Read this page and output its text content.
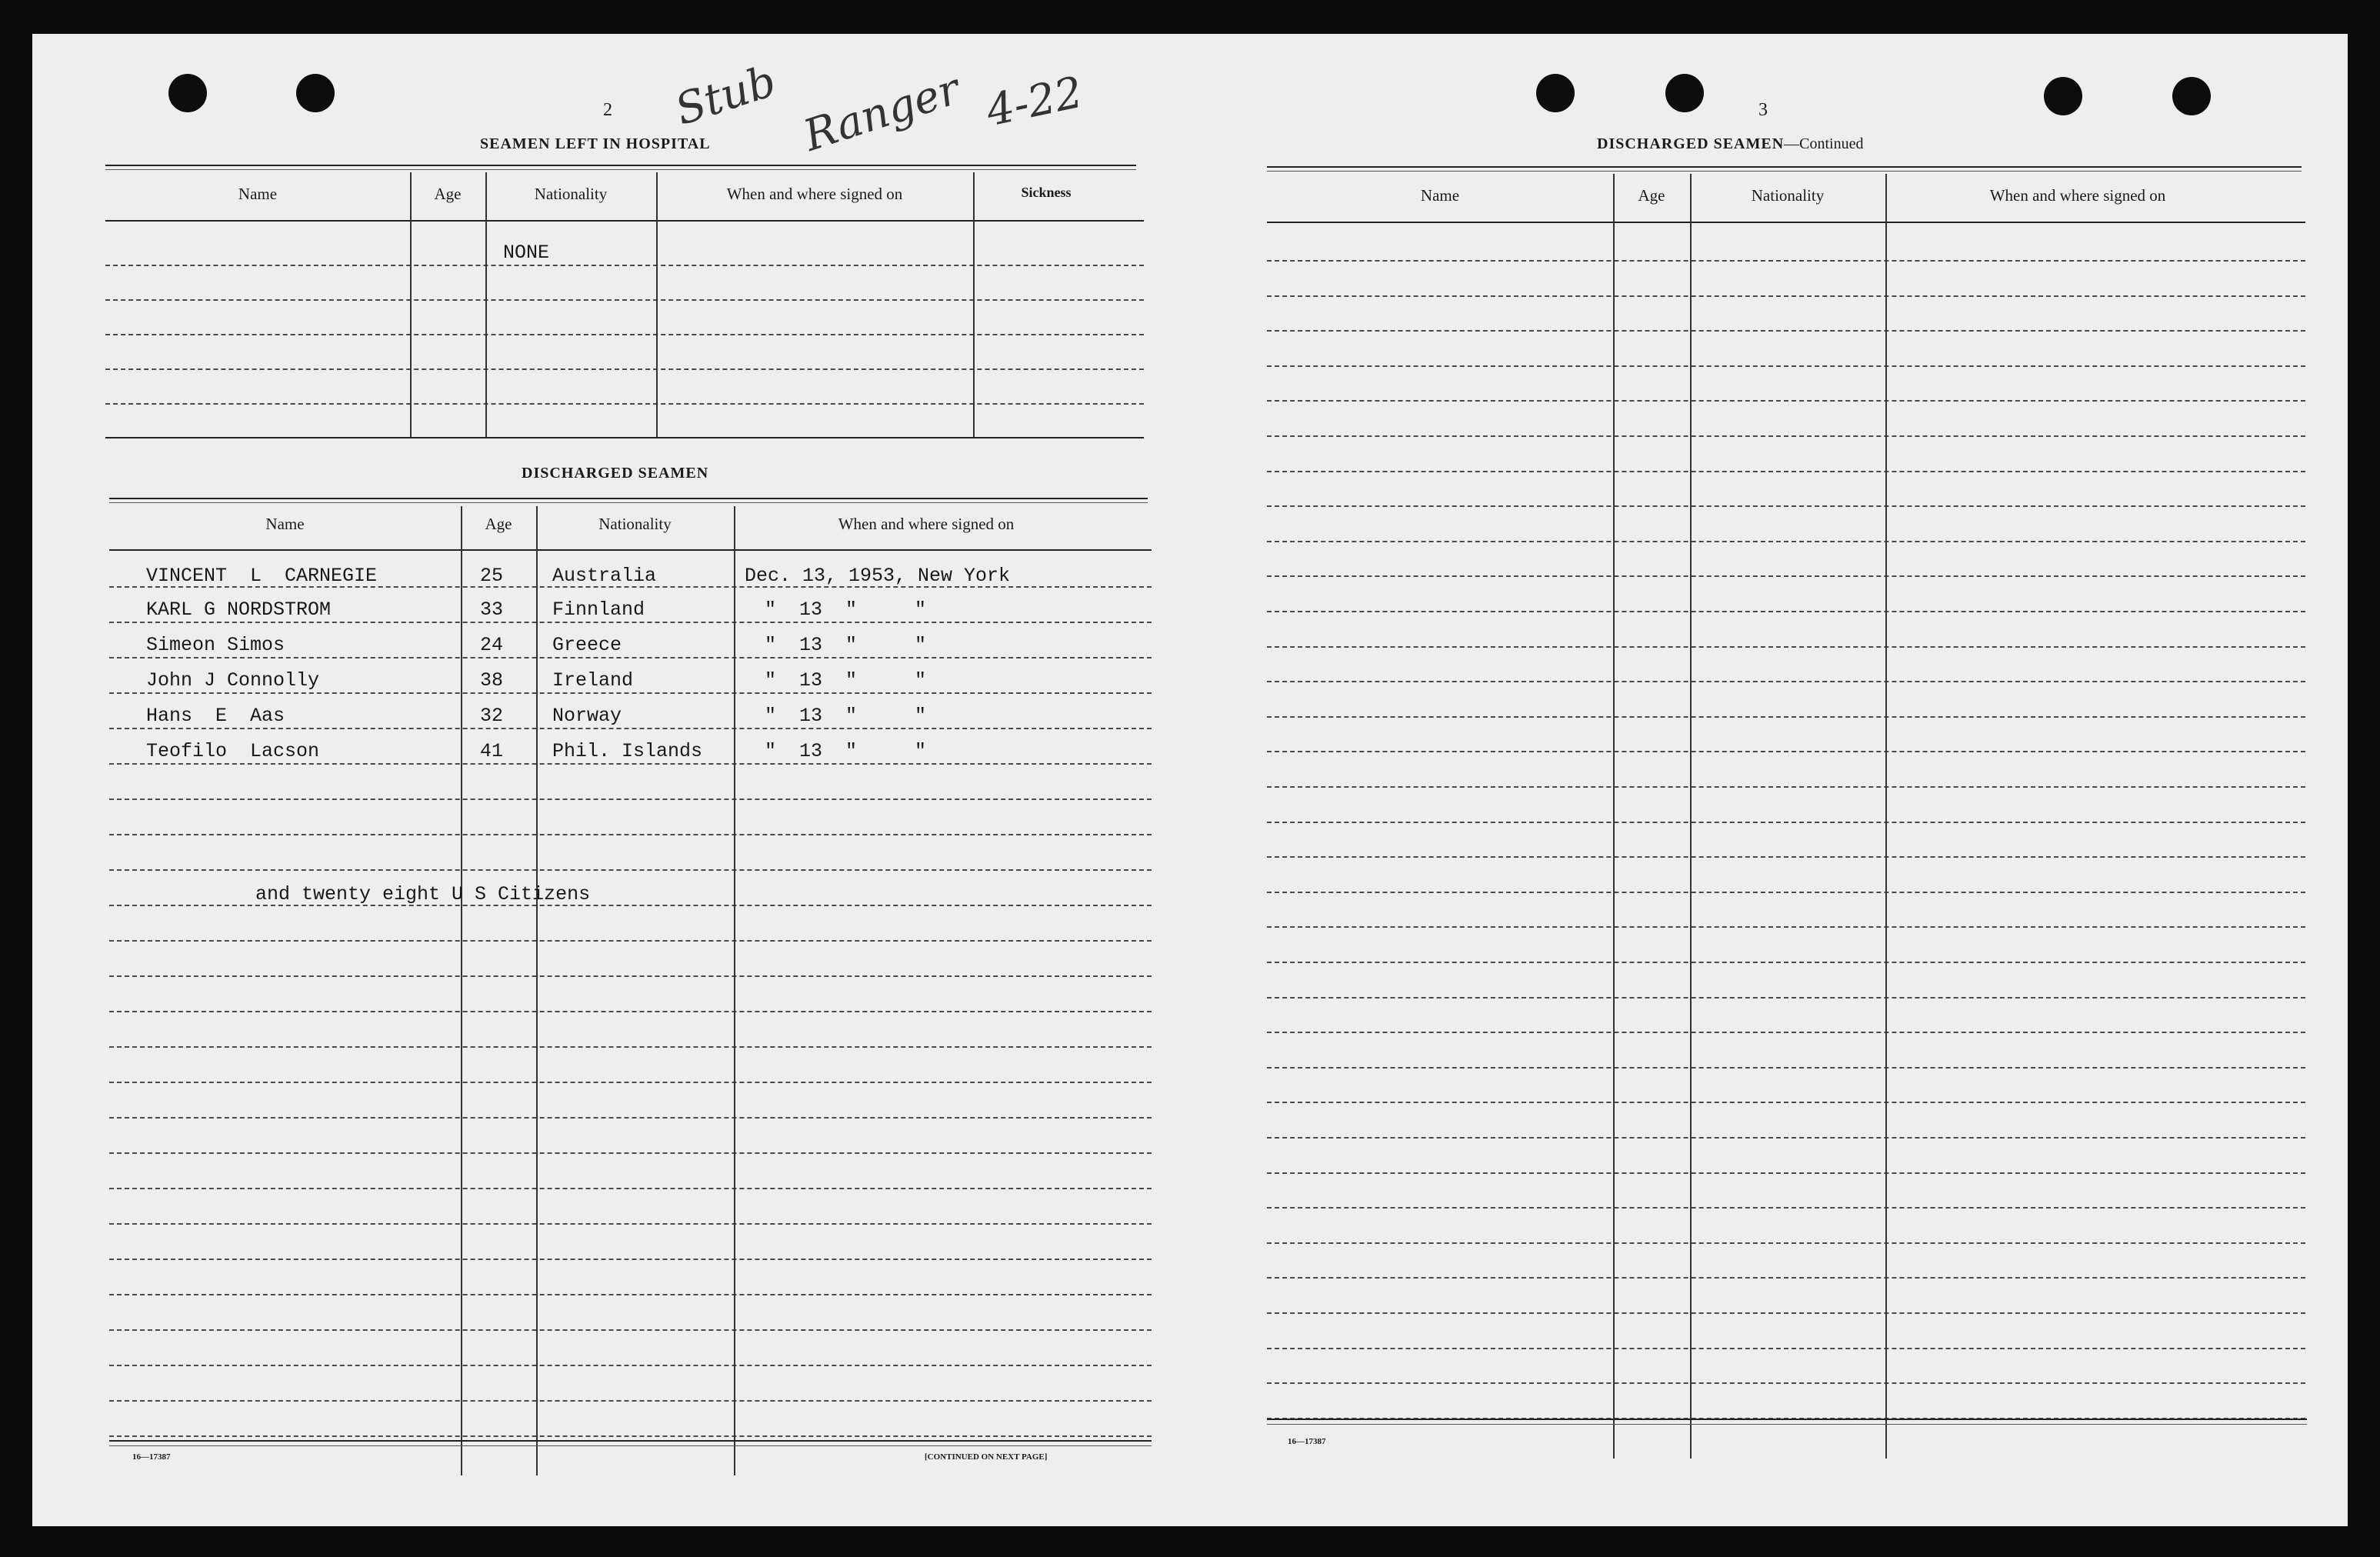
2
SEAMEN LEFT IN HOSPITAL
Stub Ranger 4-22
Name	Age	Nationality	When and where signed on	Sickness
NONE
DISCHARGED SEAMEN
Name	Age	Nationality	When and where signed on
VINCENT  L  CARNEGIE	25	Australia	Dec. 13, 1953, New York
KARL G NORDSTROM	33	Finnland	"  13  "     "
Simeon Simos	24	Greece	"  13  "     "
John J Connolly	38	Ireland	"  13  "     "
Hans  E  Aas	32	Norway	"  13  "     "
Teofilo  Lacson	41	Phil. Islands	"  13  "     "
and twenty eight U S Citizens
16—17387	[CONTINUED ON NEXT PAGE]
3
DISCHARGED SEAMEN—Continued
Name	Age	Nationality	When and where signed on
16—17387
